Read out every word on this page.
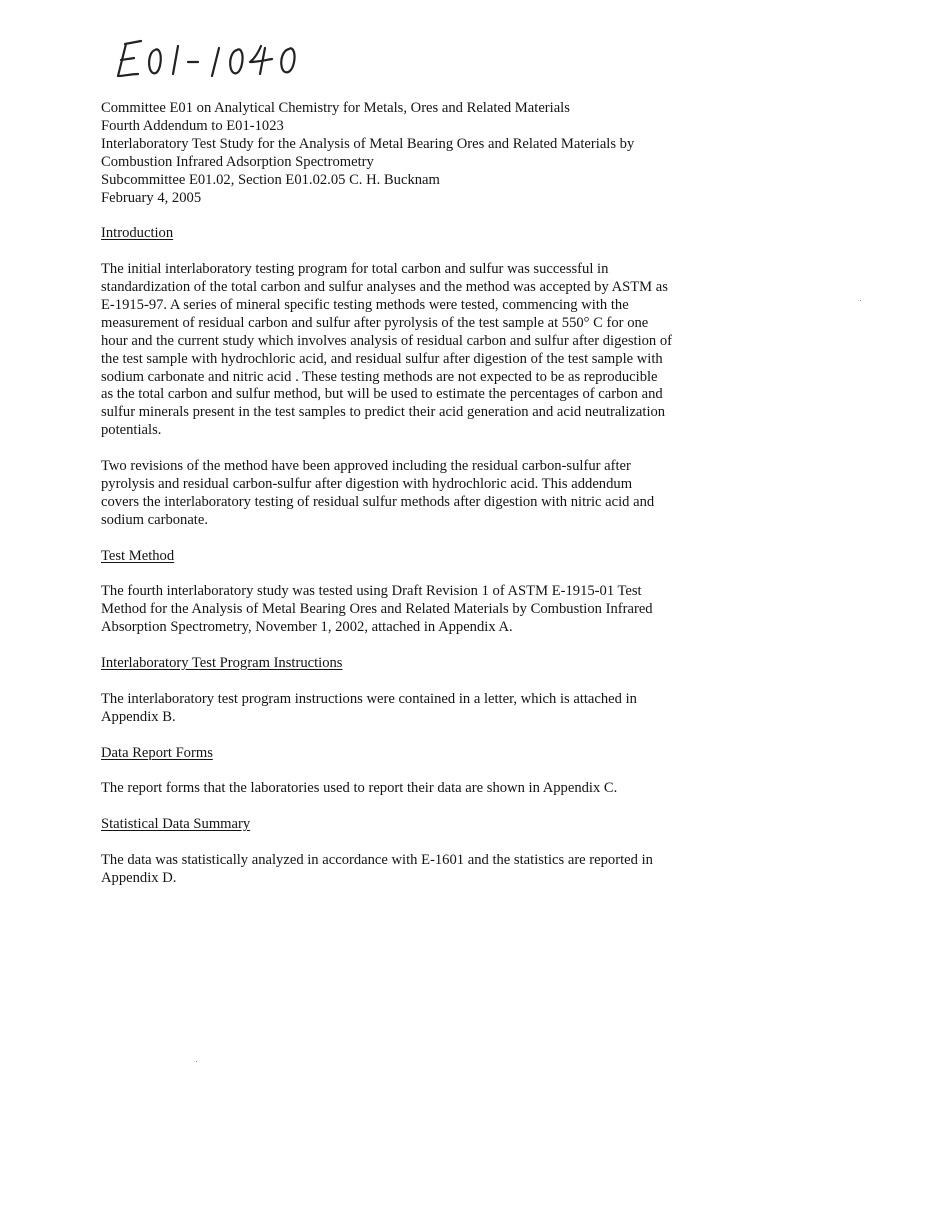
Committee E01 on Analytical Chemistry for Metals, Ores and Related Materials
Fourth Addendum to E01-1023
Interlaboratory Test Study for the Analysis of Metal Bearing Ores and Related Materials by
Combustion Infrared Adsorption Spectrometry
Subcommittee E01.02, Section E01.02.05 C. H. Bucknam
February 4, 2005
Introduction
The initial interlaboratory testing program for total carbon and sulfur was successful in
standardization of the total carbon and sulfur analyses and the method was accepted by ASTM as
E-1915-97. A series of mineral specific testing methods were tested, commencing with the
measurement of residual carbon and sulfur after pyrolysis of the test sample at 550° C for one
hour and the current study which involves analysis of residual carbon and sulfur after digestion of
the test sample with hydrochloric acid, and residual sulfur after digestion of the test sample with
sodium carbonate and nitric acid . These testing methods are not expected to be as reproducible
as the total carbon and sulfur method, but will be used to estimate the percentages of carbon and
sulfur minerals present in the test samples to predict their acid generation and acid neutralization
potentials.
Two revisions of the method have been approved including the residual carbon-sulfur after
pyrolysis and residual carbon-sulfur after digestion with hydrochloric acid. This addendum
covers the interlaboratory testing of residual sulfur methods after digestion with nitric acid and
sodium carbonate.
Test Method
The fourth interlaboratory study was tested using Draft Revision 1 of ASTM E-1915-01 Test
Method for the Analysis of Metal Bearing Ores and Related Materials by Combustion Infrared
Absorption Spectrometry, November 1, 2002, attached in Appendix A.
Interlaboratory Test Program Instructions
The interlaboratory test program instructions were contained in a letter, which is attached in
Appendix B.
Data Report Forms
The report forms that the laboratories used to report their data are shown in Appendix C.
Statistical Data Summary
The data was statistically analyzed in accordance with E-1601 and the statistics are reported in
Appendix D.
